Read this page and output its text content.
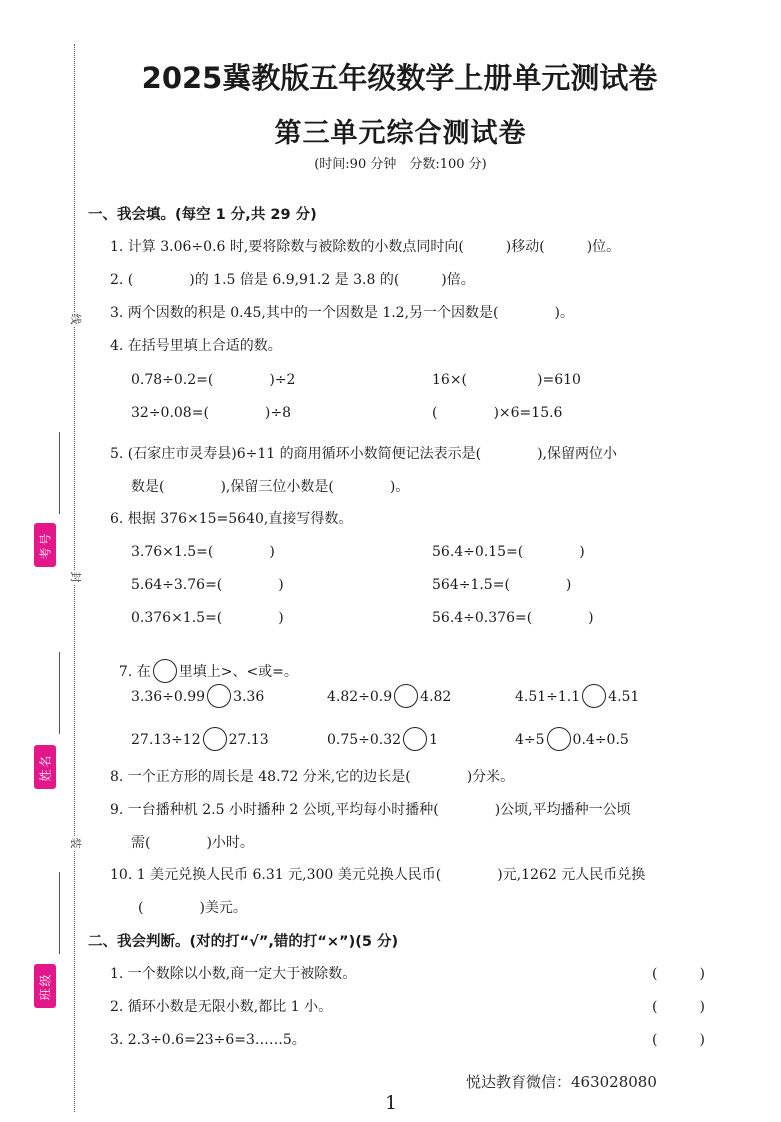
线
封
装
考号
姓名
班级
2025冀教版五年级数学上册单元测试卷
第三单元综合测试卷
(时间:90 分钟　分数:100 分)
一、我会填。(每空 1 分,共 29 分)
1. 计算 3.06÷0.6 时,要将除数与被除数的小数点同时向(　　　)移动(　　　)位。
2. (　　　　)的 1.5 倍是 6.9,91.2 是 3.8 的(　　　)倍。
3. 两个因数的积是 0.45,其中的一个因数是 1.2,另一个因数是(　　　　)。
4. 在括号里填上合适的数。
0.78÷0.2=(　　　　)÷2	16×(　　　　　)=610
32÷0.08=(　　　　)÷8	(　　　　)×6=15.6
5. (石家庄市灵寿县)6÷11 的商用循环小数简便记法表示是(　　　　),保留两位小
数是(　　　　),保留三位小数是(　　　　)。
6. 根据 376×15=5640,直接写得数。
3.76×1.5=(　　　　)	56.4÷0.15=(　　　　)
5.64÷3.76=(　　　　)	564÷1.5=(　　　　)
0.376×1.5=(　　　　)	56.4÷0.376=(　　　　)

7. 在 里填上>、<或=。

3.36÷0.99 3.36	4.82÷0.9 4.82	4.51÷1.1 4.51
27.13÷12 27.13	0.75÷0.32 1	4÷5 0.4÷0.5
8. 一个正方形的周长是 48.72 分米,它的边长是(　　　　)分米。
9. 一台播种机 2.5 小时播种 2 公顷,平均每小时播种(　　　　)公顷,平均播种一公顷
需(　　　　)小时。
10. 1 美元兑换人民币 6.31 元,300 美元兑换人民币(　　　　)元,1262 元人民币兑换
(　　　　)美元。
二、我会判断。(对的打“√”,错的打“×”)(5 分)
1. 一个数除以小数,商一定大于被除数。	(　　　)
2. 循环小数是无限小数,都比 1 小。	(　　　)
3. 2.3÷0.6=23÷6=3……5。	(　　　)
悦达教育微信：463028080
1
